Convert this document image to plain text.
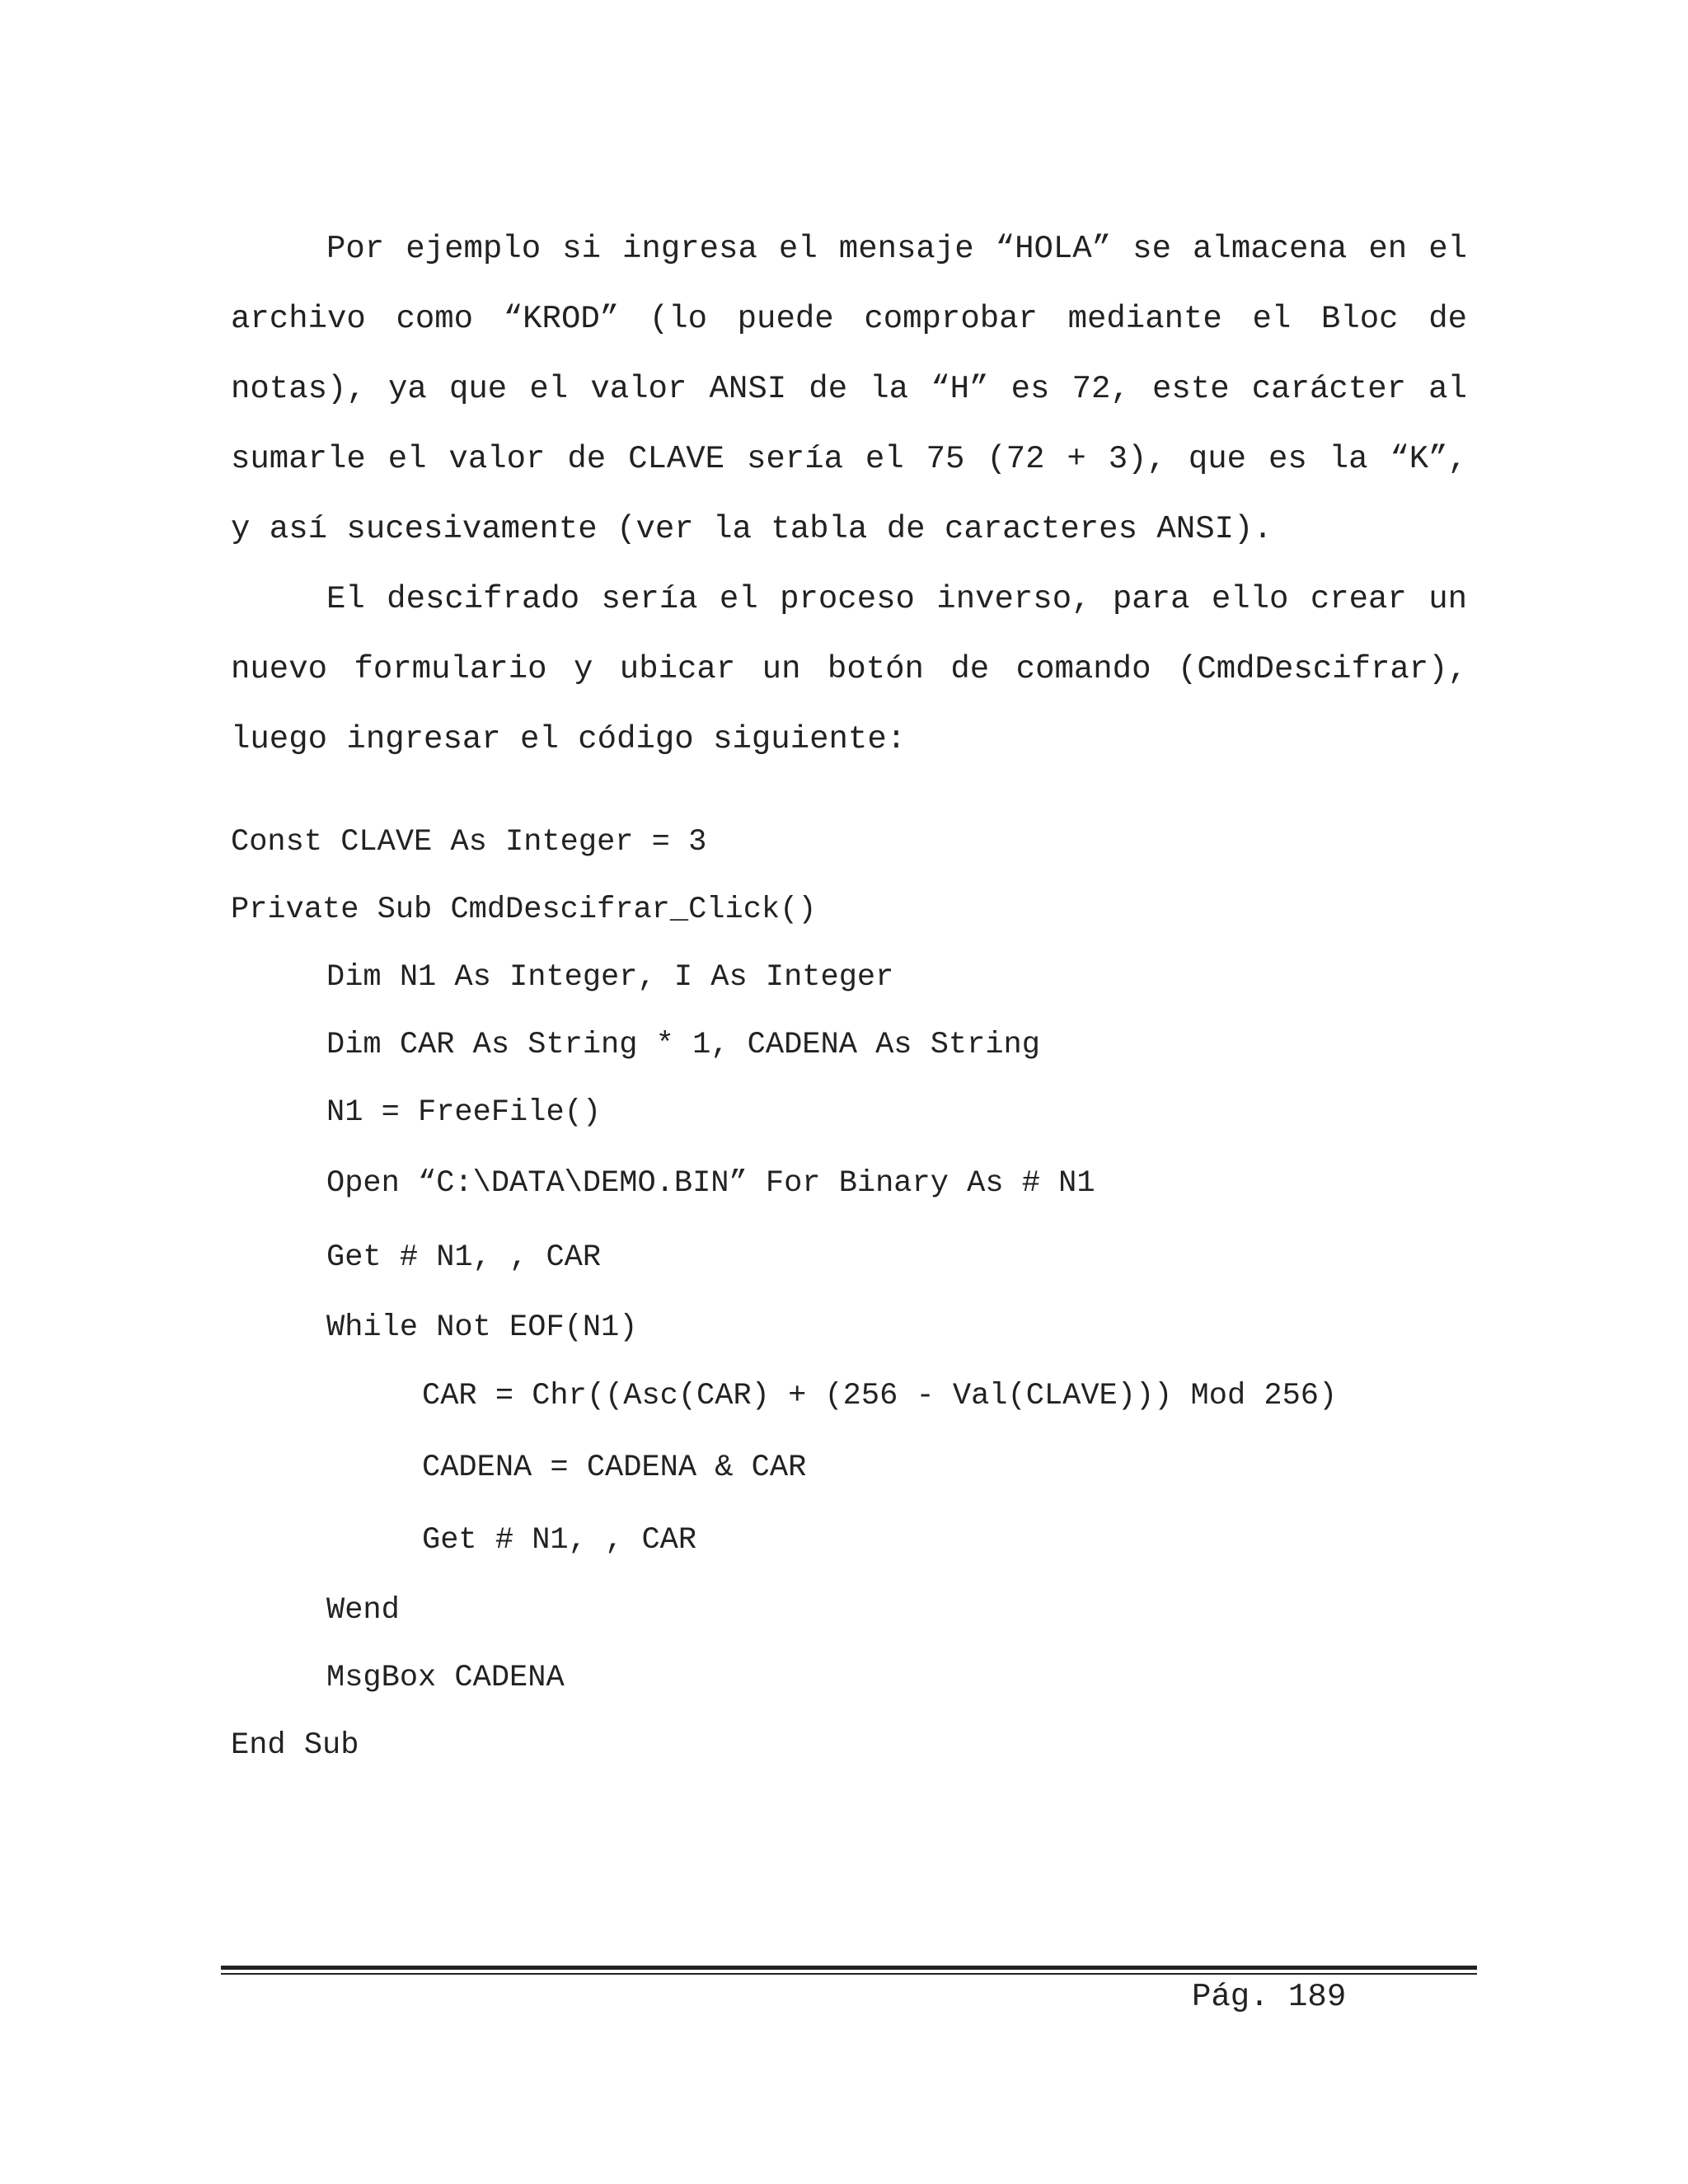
Por ejemplo si ingresa el mensaje “HOLA” se almacena en el
archivo como “KROD” (lo puede comprobar mediante el Bloc de
notas), ya que el valor ANSI de la “H” es 72, este carácter al
sumarle el valor de CLAVE sería el 75 (72 + 3), que es la “K”,
y así sucesivamente (ver la tabla de caracteres ANSI).
El descifrado sería el proceso inverso, para ello crear un
nuevo formulario y ubicar un botón de comando (CmdDescifrar),
luego ingresar el código siguiente:
Const CLAVE As Integer = 3
Private Sub CmdDescifrar_Click()
Dim N1 As Integer, I As Integer
Dim CAR As String * 1, CADENA As String
N1 = FreeFile()
Open “C:\DATA\DEMO.BIN” For Binary As # N1
Get # N1, , CAR
While Not EOF(N1)
CAR = Chr((Asc(CAR) + (256 - Val(CLAVE))) Mod 256)
CADENA = CADENA & CAR
Get # N1, , CAR
Wend
MsgBox CADENA
End Sub
Pág. 189
